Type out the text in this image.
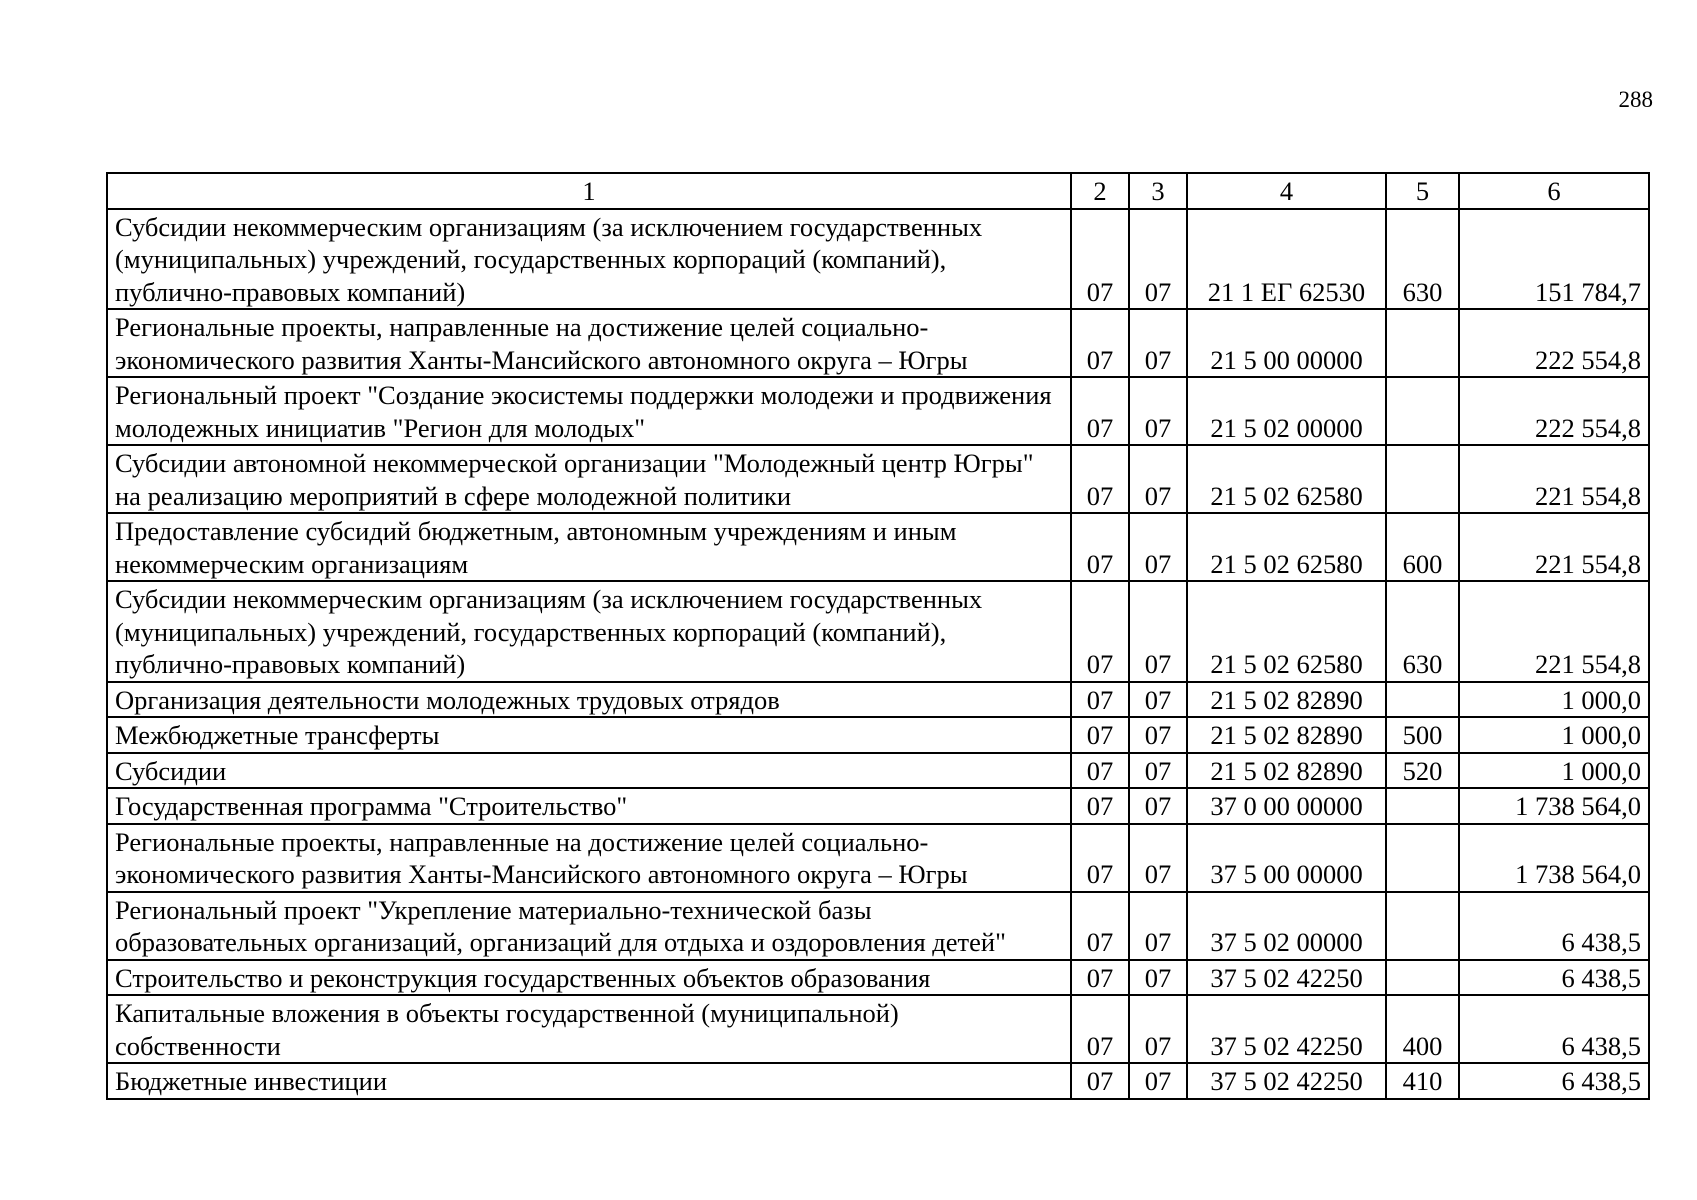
288
1	2	3	4	5	6
Субсидии некоммерческим организациям (за исключением государственных (муниципальных) учреждений, государственных корпораций (компаний), публично-правовых компаний)	07	07	21 1 ЕГ 62530	630	151 784,7
Региональные проекты, направленные на достижение целей социально-экономического развития Ханты-Мансийского автономного округа – Югры	07	07	21 5 00 00000		222 554,8
Региональный проект "Создание экосистемы поддержки молодежи и продвижения молодежных инициатив "Регион для молодых"	07	07	21 5 02 00000		222 554,8
Субсидии автономной некоммерческой организации "Молодежный центр Югры" на реализацию мероприятий в сфере молодежной политики	07	07	21 5 02 62580		221 554,8
Предоставление субсидий бюджетным, автономным учреждениям и иным некоммерческим организациям	07	07	21 5 02 62580	600	221 554,8
Субсидии некоммерческим организациям (за исключением государственных (муниципальных) учреждений, государственных корпораций (компаний), публично-правовых компаний)	07	07	21 5 02 62580	630	221 554,8
Организация деятельности молодежных трудовых отрядов	07	07	21 5 02 82890		1 000,0
Межбюджетные трансферты	07	07	21 5 02 82890	500	1 000,0
Субсидии	07	07	21 5 02 82890	520	1 000,0
Государственная программа "Строительство"	07	07	37 0 00 00000		1 738 564,0
Региональные проекты, направленные на достижение целей социально-экономического развития Ханты-Мансийского автономного округа – Югры	07	07	37 5 00 00000		1 738 564,0
Региональный проект "Укрепление материально-технической базы образовательных организаций, организаций для отдыха и оздоровления детей"	07	07	37 5 02 00000		6 438,5
Строительство и реконструкция государственных объектов образования	07	07	37 5 02 42250		6 438,5
Капитальные вложения в объекты государственной (муниципальной) собственности	07	07	37 5 02 42250	400	6 438,5
Бюджетные инвестиции	07	07	37 5 02 42250	410	6 438,5
